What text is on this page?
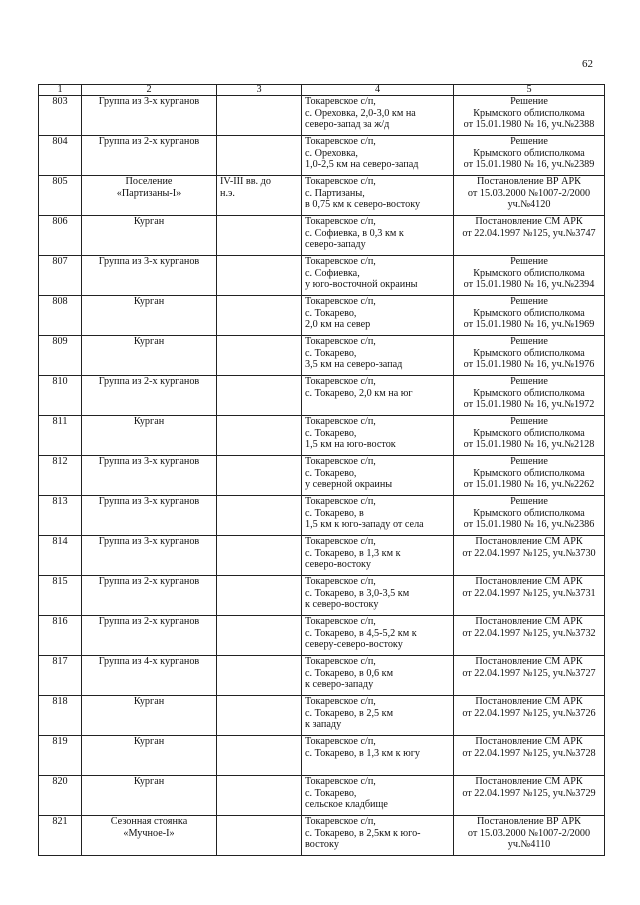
62
1	2	3	4	5
803	Группа из 3-х курганов		Токаревское с/п,
с. Ореховка, 2,0-3,0 км на
северо-запад за ж/д	Решение
Крымского облисполкома
от 15.01.1980 № 16, уч.№2388

804	Группа из 2-х курганов		Токаревское с/п,
с. Ореховка,
1,0-2,5 км на северо-запад	Решение
Крымского облисполкома
от 15.01.1980 № 16, уч.№2389

805	Поселение
«Партизаны-I»	IV-III вв. до
н.э.	Токаревское с/п,
с. Партизаны,
в 0,75 км к северо-востоку	Постановление ВР АРК
от 15.03.2000 №1007-2/2000
уч.№4120

806	Курган		Токаревское с/п,
с. Софиевка, в 0,3 км к
северо-западу	Постановление СМ АРК
от 22.04.1997 №125, уч.№3747

807	Группа из 3-х курганов		Токаревское с/п,
с. Софиевка,
у юго-восточной окраины	Решение
Крымского облисполкома
от 15.01.1980 № 16, уч.№2394

808	Курган		Токаревское с/п,
с. Токарево,
2,0 км на север	Решение
Крымского облисполкома
от 15.01.1980 № 16, уч.№1969

809	Курган		Токаревское с/п,
с. Токарево,
3,5 км на северо-запад	Решение
Крымского облисполкома
от 15.01.1980 № 16, уч.№1976

810	Группа из 2-х курганов		Токаревское с/п,
с. Токарево, 2,0 км на юг	Решение
Крымского облисполкома
от 15.01.1980 № 16, уч.№1972

811	Курган		Токаревское с/п,
с. Токарево,
1,5 км на юго-восток	Решение
Крымского облисполкома
от 15.01.1980 № 16, уч.№2128

812	Группа из 3-х курганов		Токаревское с/п,
с. Токарево,
у северной окраины	Решение
Крымского облисполкома
от 15.01.1980 № 16, уч.№2262

813	Группа из 3-х курганов		Токаревское с/п,
с. Токарево, в
1,5 км к юго-западу от села	Решение
Крымского облисполкома
от 15.01.1980 № 16, уч.№2386

814	Группа из 3-х курганов		Токаревское с/п,
с. Токарево, в 1,3 км к
северо-востоку	Постановление СМ АРК
от 22.04.1997 №125, уч.№3730

815	Группа из 2-х курганов		Токаревское с/п,
с. Токарево, в 3,0-3,5 км
к северо-востоку	Постановление СМ АРК
от 22.04.1997 №125, уч.№3731

816	Группа из 2-х курганов		Токаревское с/п,
с. Токарево, в 4,5-5,2 км к
северу-северо-востоку	Постановление СМ АРК
от 22.04.1997 №125, уч.№3732

817	Группа из 4-х курганов		Токаревское с/п,
с. Токарево, в 0,6 км
к северо-западу	Постановление СМ АРК
от 22.04.1997 №125, уч.№3727

818	Курган		Токаревское с/п,
с. Токарево, в 2,5 км
к западу	Постановление СМ АРК
от 22.04.1997 №125, уч.№3726

819	Курган		Токаревское с/п,
с. Токарево, в 1,3 км к югу	Постановление СМ АРК
от 22.04.1997 №125, уч.№3728

820	Курган		Токаревское с/п,
с. Токарево,
сельское кладбище	Постановление СМ АРК
от 22.04.1997 №125, уч.№3729

821	Сезонная стоянка
«Мучное-I»		Токаревское с/п,
с. Токарево, в 2,5км к юго-
востоку	Постановление ВР АРК
от 15.03.2000 №1007-2/2000
уч.№4110
